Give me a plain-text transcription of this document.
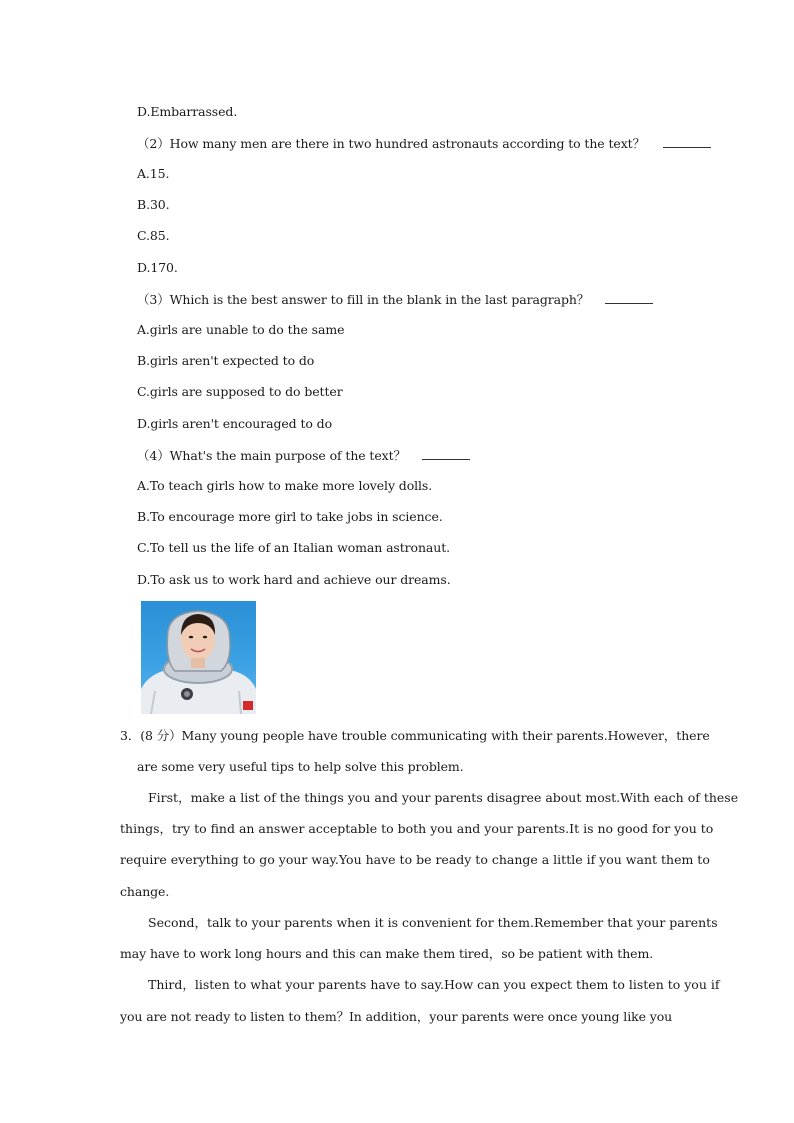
D.Embarrassed.
（2）How many men are there in two hundred astronauts according to the text？
A.15.
B.30.
C.85.
D.170.
（3）Which is the best answer to fill in the blank in the last paragraph？
A.girls are unable to do the same
B.girls aren't expected to do
C.girls are supposed to do better
D.girls aren't encouraged to do
（4）What's the main purpose of the text？
A.To teach girls how to make more lovely dolls.
B.To encourage more girl to take jobs in science.
C.To tell us the life of an Italian woman astronaut.
D.To ask us to work hard and achieve our dreams.
3．(8 分）Many young people have trouble communicating with their parents.However，there
are some very useful tips to help solve this problem.
First，make a list of the things you and your parents disagree about most.With each of these
things，try to find an answer acceptable to both you and your parents.It is no good for you to
require everything to go your way.You have to be ready to change a little if you want them to
change.
Second，talk to your parents when it is convenient for them.Remember that your parents
may have to work long hours and this can make them tired，so be patient with them.
Third，listen to what your parents have to say.How can you expect them to listen to you if
you are not ready to listen to them？In addition，your parents were once young like you
